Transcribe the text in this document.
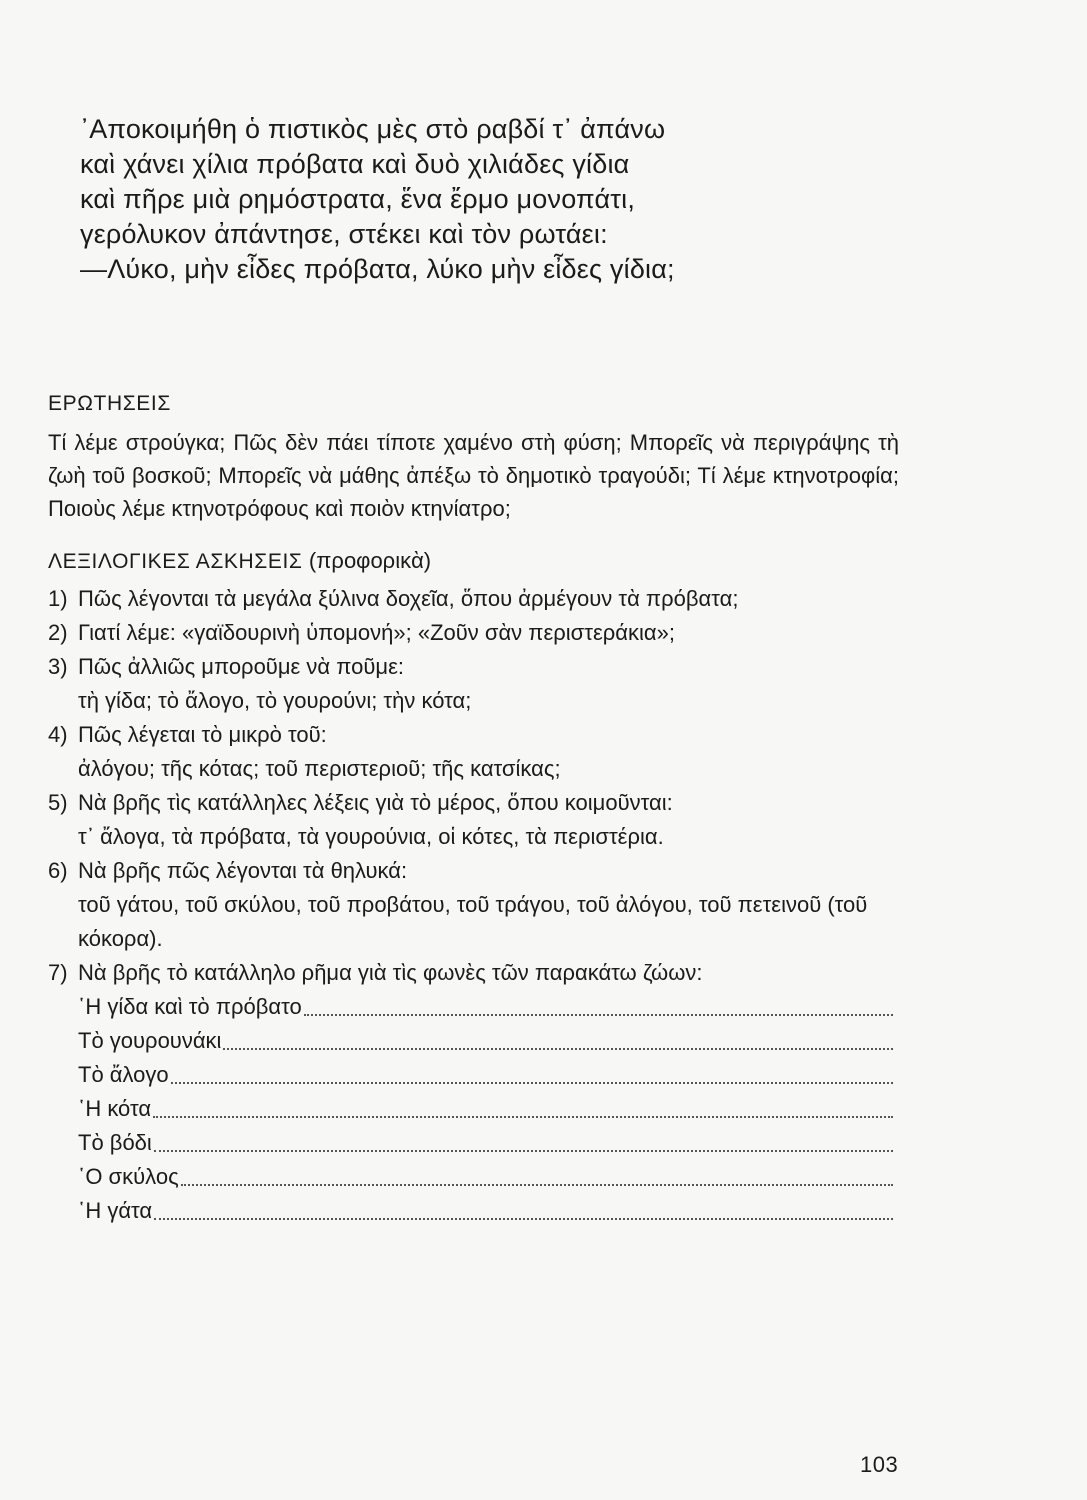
᾿Αποκοιμήθη ὁ πιστικὸς μὲς στὸ ραβδί τ᾿ ἀπάνω
καὶ χάνει χίλια πρόβατα καὶ δυὸ χιλιάδες γίδια
καὶ πῆρε μιὰ ρημόστρατα, ἕνα ἔρμο μονοπάτι,
γερόλυκον ἀπάντησε, στέκει καὶ τὸν ρωτάει:
—Λύκο, μὴν εἶδες πρόβατα, λύκο μὴν εἶδες γίδια;
ΕΡΩΤΗΣΕΙΣ
Τί λέμε στρούγκα; Πῶς δὲν πάει τίποτε χαμένο στὴ φύση; Μπορεῖς νὰ περιγράψης τὴ ζωὴ τοῦ βοσκοῦ; Μπορεῖς νὰ μάθης ἀπέξω τὸ δημοτικὸ τραγούδι; Τί λέμε κτηνοτροφία; Ποιοὺς λέμε κτηνοτρόφους καὶ ποιὸν κτηνίατρο;
ΛΕΞΙΛΟΓΙΚΕΣ ΑΣΚΗΣΕΙΣ (προφορικὰ)
1) Πῶς λέγονται τὰ μεγάλα ξύλινα δοχεῖα, ὅπου ἀρμέγουν τὰ πρόβατα;
2) Γιατί λέμε: «γαϊδουρινὴ ὑπομονή»; «Ζοῦν σὰν περιστεράκια»;
3) Πῶς ἀλλιῶς μποροῦμε νὰ ποῦμε:
τὴ γίδα; τὸ ἄλογο, τὸ γουρούνι; τὴν κότα;
4) Πῶς λέγεται τὸ μικρὸ τοῦ:
ἀλόγου; τῆς κότας; τοῦ περιστεριοῦ; τῆς κατσίκας;
5) Νὰ βρῆς τὶς κατάλληλες λέξεις γιὰ τὸ μέρος, ὅπου κοιμοῦνται:
τ᾿ ἄλογα, τὰ πρόβατα, τὰ γουρούνια, οἱ κότες, τὰ περιστέρια.
6) Νὰ βρῆς πῶς λέγονται τὰ θηλυκά:
τοῦ γάτου, τοῦ σκύλου, τοῦ προβάτου, τοῦ τράγου, τοῦ ἀλόγου, τοῦ πετεινοῦ (τοῦ κόκορα).
7) Νὰ βρῆς τὸ κατάλληλο ρῆμα γιὰ τὶς φωνὲς τῶν παρακάτω ζώων:
῾Η γίδα καὶ τὸ πρόβατο
Τὸ γουρουνάκι
Τὸ ἄλογο
῾Η κότα
Τὸ βόδι
῾Ο σκύλος
῾Η γάτα
103
